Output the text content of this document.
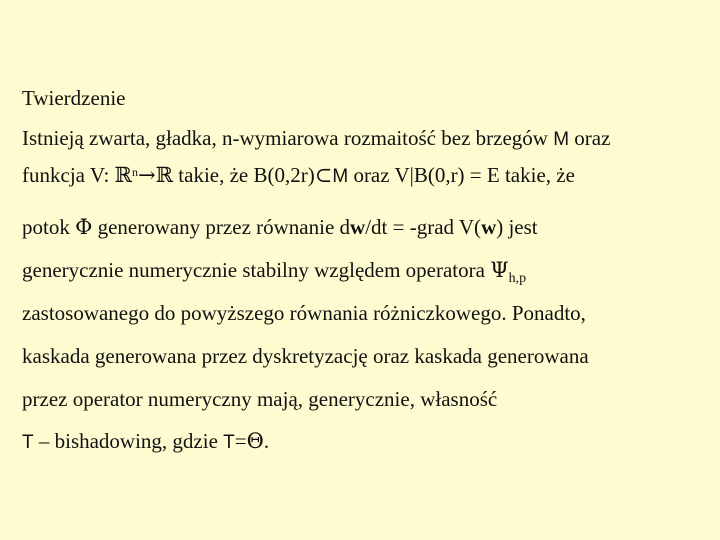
Twierdzenie
Istnieją zwarta, gładka, n-wymiarowa rozmaitość bez brzegów M oraz
funkcja V: ℝ$^n$→ℝ takie, że B(0,2r)⊂M oraz V|B(0,r) = E takie, że
potok Φ generowany przez równanie dw/dt = -grad V(w) jest
generycznie numerycznie stabilny względem operatora $\Psi_{h,p}$
zastosowanego do powyższego równania różniczkowego. Ponadto,
kaskada generowana przez dyskretyzację oraz kaskada generowana
przez operator numeryczny mają, generycznie, własność
T – bishadowing, gdzie T=Θ.
